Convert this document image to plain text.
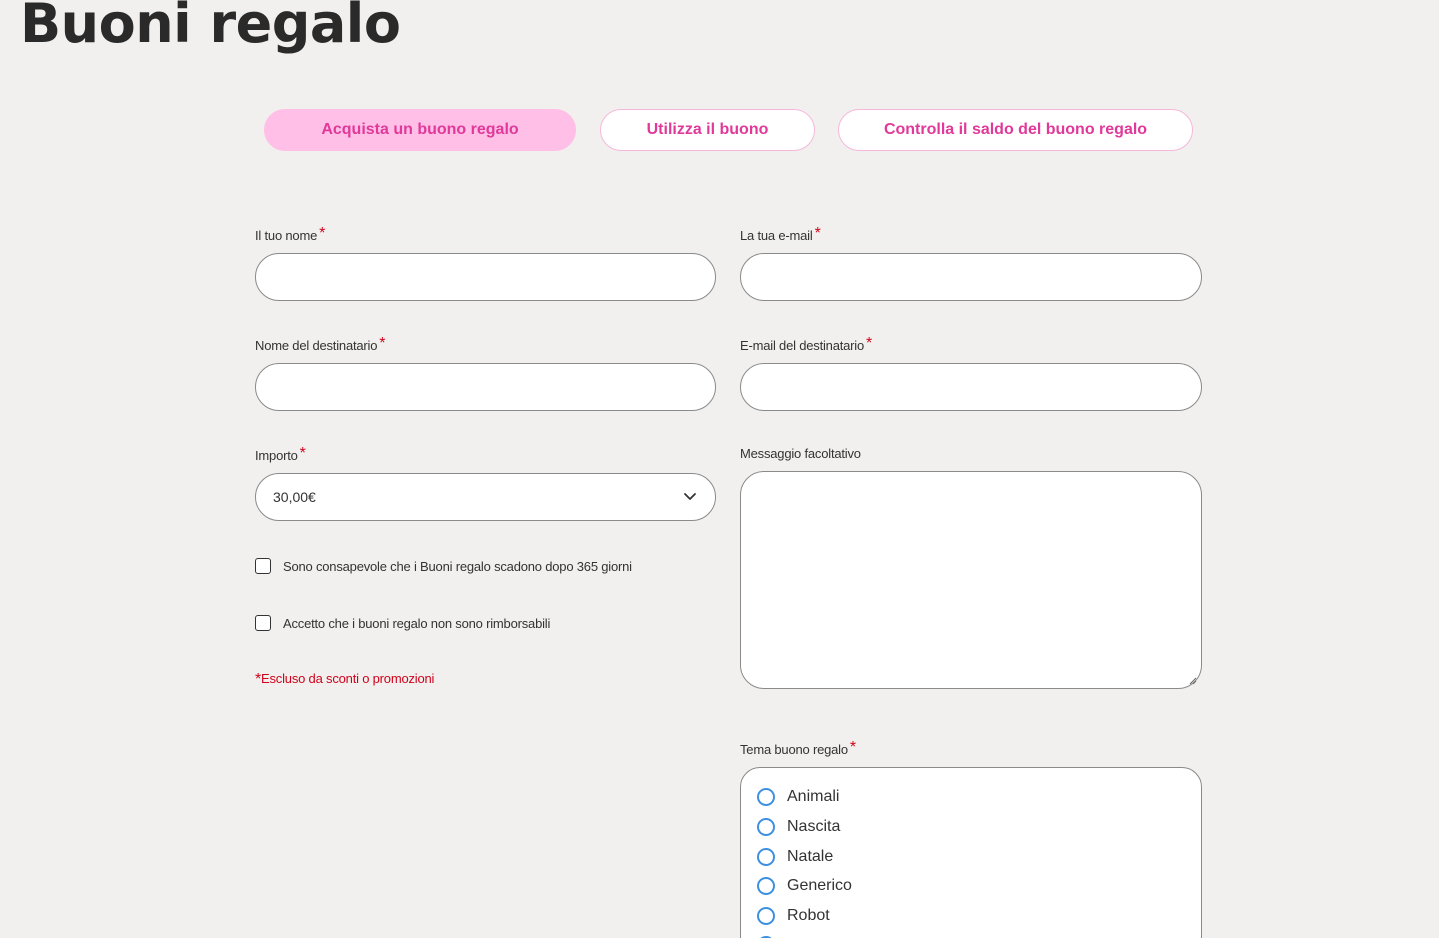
Buoni regalo
Acquista un buono regalo	Utilizza il buono	Controlla il saldo del buono regalo
Il tuo nome *	La tua e-mail *
Nome del destinatario *	E-mail del destinatario *
Importo *
30,00€
Messaggio facoltativo
Sono consapevole che i Buoni regalo scadono dopo 365 giorni
Accetto che i buoni regalo non sono rimborsabili
*Escluso da sconti o promozioni
Tema buono regalo *
Animali
Nascita
Natale
Generico
Robot
